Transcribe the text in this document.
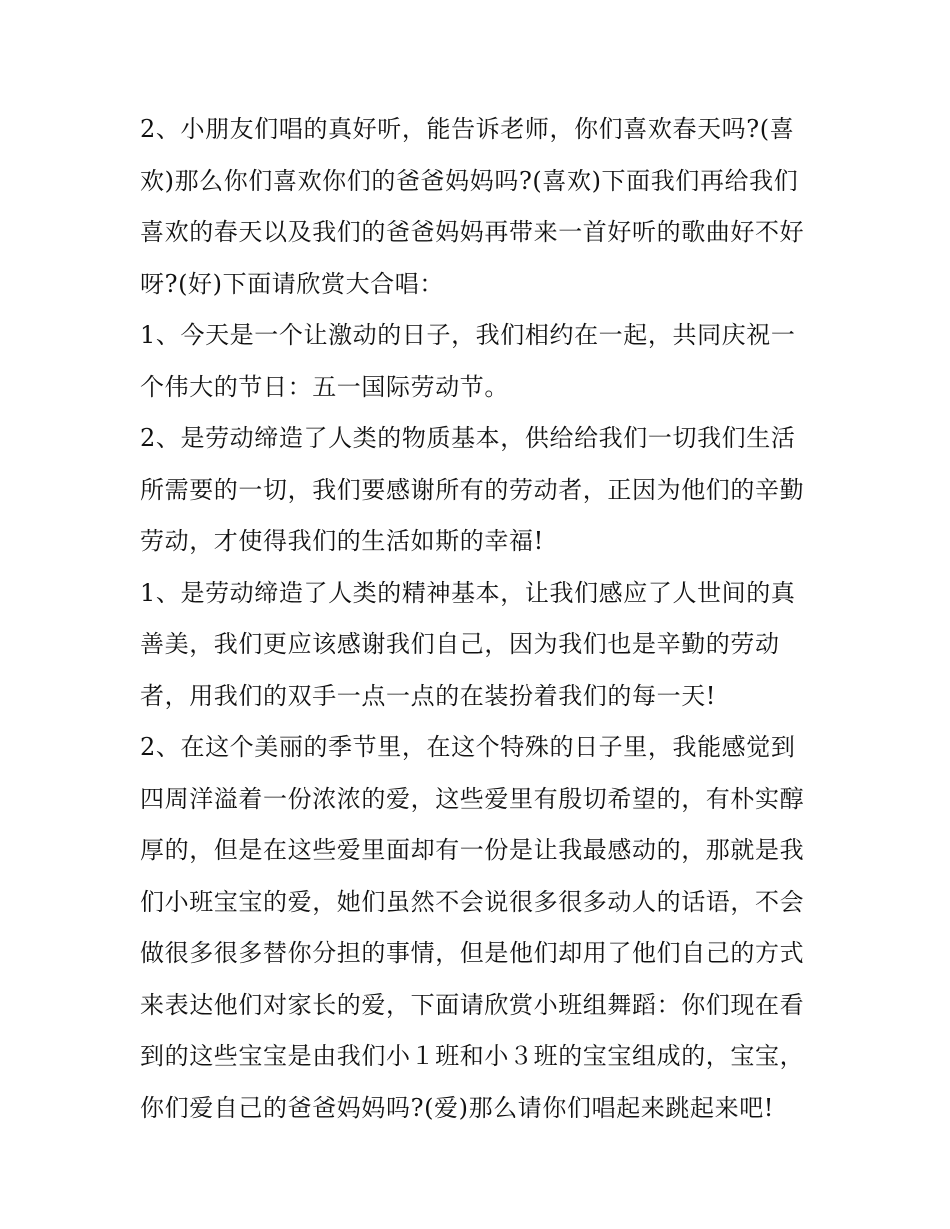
2、小朋友们唱的真好听，能告诉老师，你们喜欢春天吗?(喜
欢)那么你们喜欢你们的爸爸妈妈吗?(喜欢)下面我们再给我们
喜欢的春天以及我们的爸爸妈妈再带来一首好听的歌曲好不好
呀?(好)下面请欣赏大合唱：
1、今天是一个让激动的日子，我们相约在一起，共同庆祝一
个伟大的节日：五一国际劳动节。
2、是劳动缔造了人类的物质基本，供给给我们一切我们生活
所需要的一切，我们要感谢所有的劳动者，正因为他们的辛勤
劳动，才使得我们的生活如斯的幸福!
1、是劳动缔造了人类的精神基本，让我们感应了人世间的真
善美，我们更应该感谢我们自己，因为我们也是辛勤的劳动
者，用我们的双手一点一点的在装扮着我们的每一天!
2、在这个美丽的季节里，在这个特殊的日子里，我能感觉到
四周洋溢着一份浓浓的爱，这些爱里有殷切希望的，有朴实醇
厚的，但是在这些爱里面却有一份是让我最感动的，那就是我
们小班宝宝的爱，她们虽然不会说很多很多动人的话语，不会
做很多很多替你分担的事情，但是他们却用了他们自己的方式
来表达他们对家长的爱，下面请欣赏小班组舞蹈：你们现在看
到的这些宝宝是由我们小１班和小３班的宝宝组成的，宝宝，
你们爱自己的爸爸妈妈吗?(爱)那么请你们唱起来跳起来吧!
